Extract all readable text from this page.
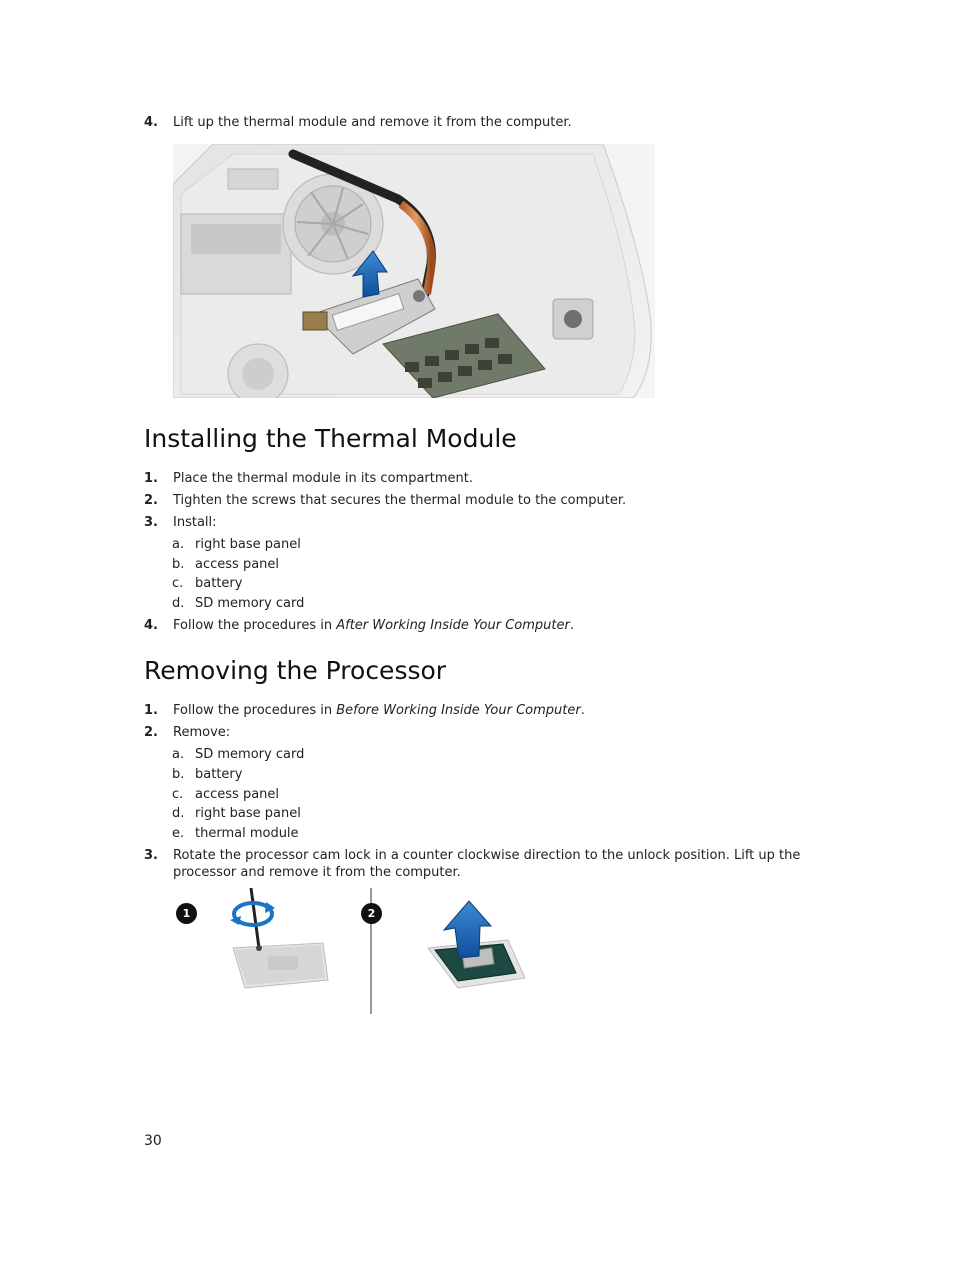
4.	Lift up the thermal module and remove it from the computer.
Installing the Thermal Module
1.	Place the thermal module in its compartment.
2.	Tighten the screws that secures the thermal module to the computer.
3.	Install:
a. right base panel
b. access panel
c. battery
d. SD memory card
4.	Follow the procedures in After Working Inside Your Computer.
Removing the Processor
1.	Follow the procedures in Before Working Inside Your Computer.
2.	Remove:
a. SD memory card
b. battery
c. access panel
d. right base panel
e. thermal module
3.	Rotate the processor cam lock in a counter clockwise direction to the unlock position. Lift up the
processor and remove it from the computer.
1	2
30
